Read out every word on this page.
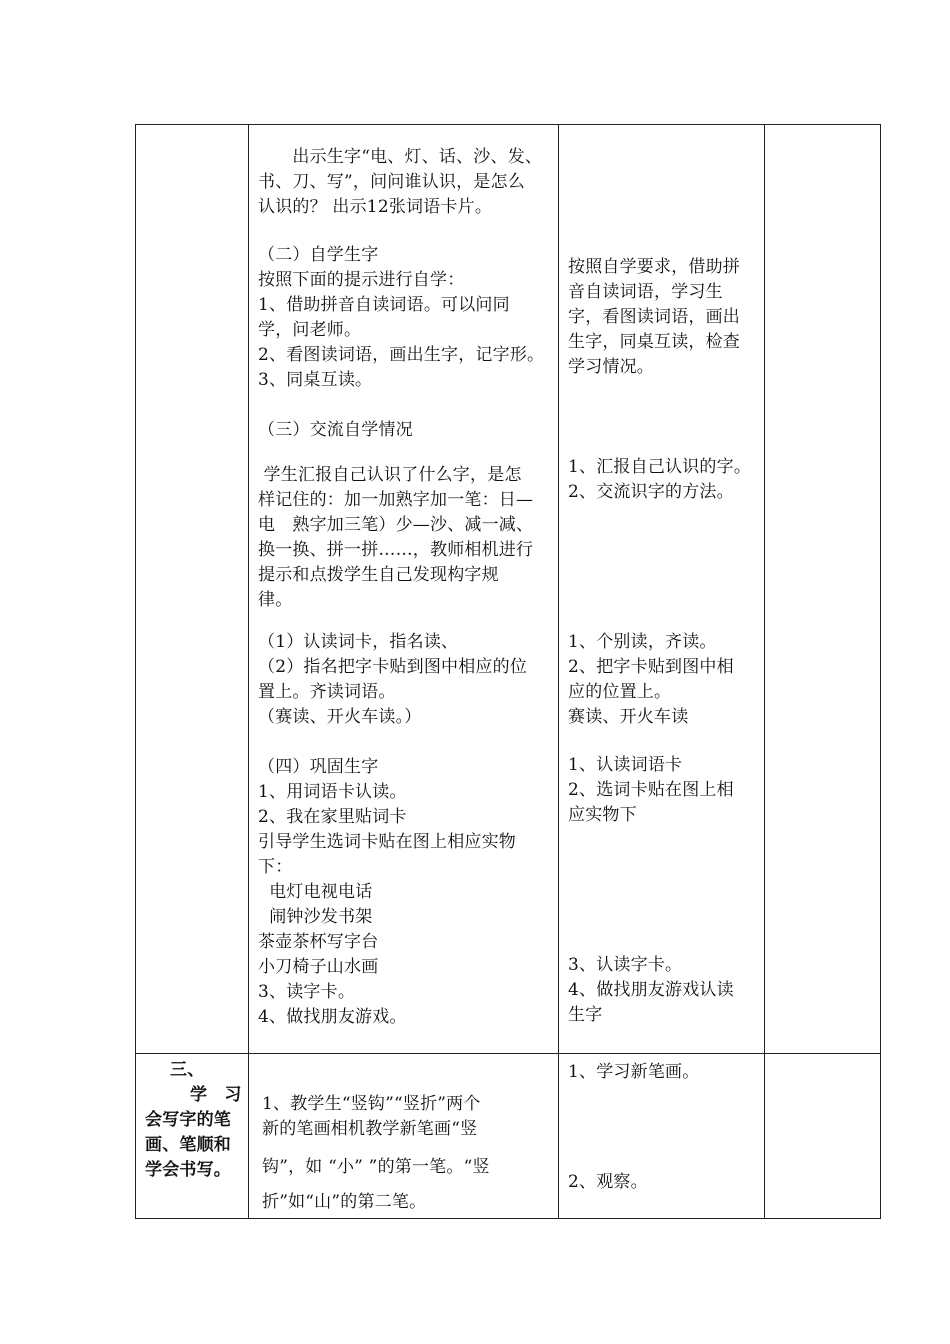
　　出示生字“电、灯、话、沙、发、
书、刀、写”，问问谁认识，是怎么
认识的？ 出示12张词语卡片。
（二）自学生字
按照下面的提示进行自学：
1、借助拼音自读词语。可以问同
学，问老师。
2、看图读词语，画出生字，记字形。
3、同桌互读。
（三）交流自学情况
学生汇报自己认识了什么字，是怎
样记住的：加一加熟字加一笔：日—
电　熟字加三笔）少—沙、减一减、
换一换、拼一拼……，教师相机进行
提示和点拨学生自己发现构字规
律。
（1）认读词卡，指名读、
（2）指名把字卡贴到图中相应的位
置上。齐读词语。
（赛读、开火车读。）
（四）巩固生字
1、用词语卡认读。
2、我在家里贴词卡
引导学生选词卡贴在图上相应实物
下：
电灯电视电话
闹钟沙发书架
茶壶茶杯写字台
小刀椅子山水画
3、读字卡。
4、做找朋友游戏。
按照自学要求，借助拼
音自读词语，学习生
字，看图读词语，画出
生字，同桌互读，检查
学习情况。
1、汇报自己认识的字。
2、交流识字的方法。
1、个别读，齐读。
2、把字卡贴到图中相
应的位置上。
赛读、开火车读
1、认读词语卡
2、选词卡贴在图上相
应实物下
3、认读字卡。
4、做找朋友游戏认读
生字
三、
学　习
会写字的笔
画、笔顺和
学会书写。
1、教学生“竖钩”“竖折”两个
新的笔画相机教学新笔画“竖
钩”，如 “小” ”的第一笔。“竖
折”如“山”的第二笔。
1、学习新笔画。
2、观察。
